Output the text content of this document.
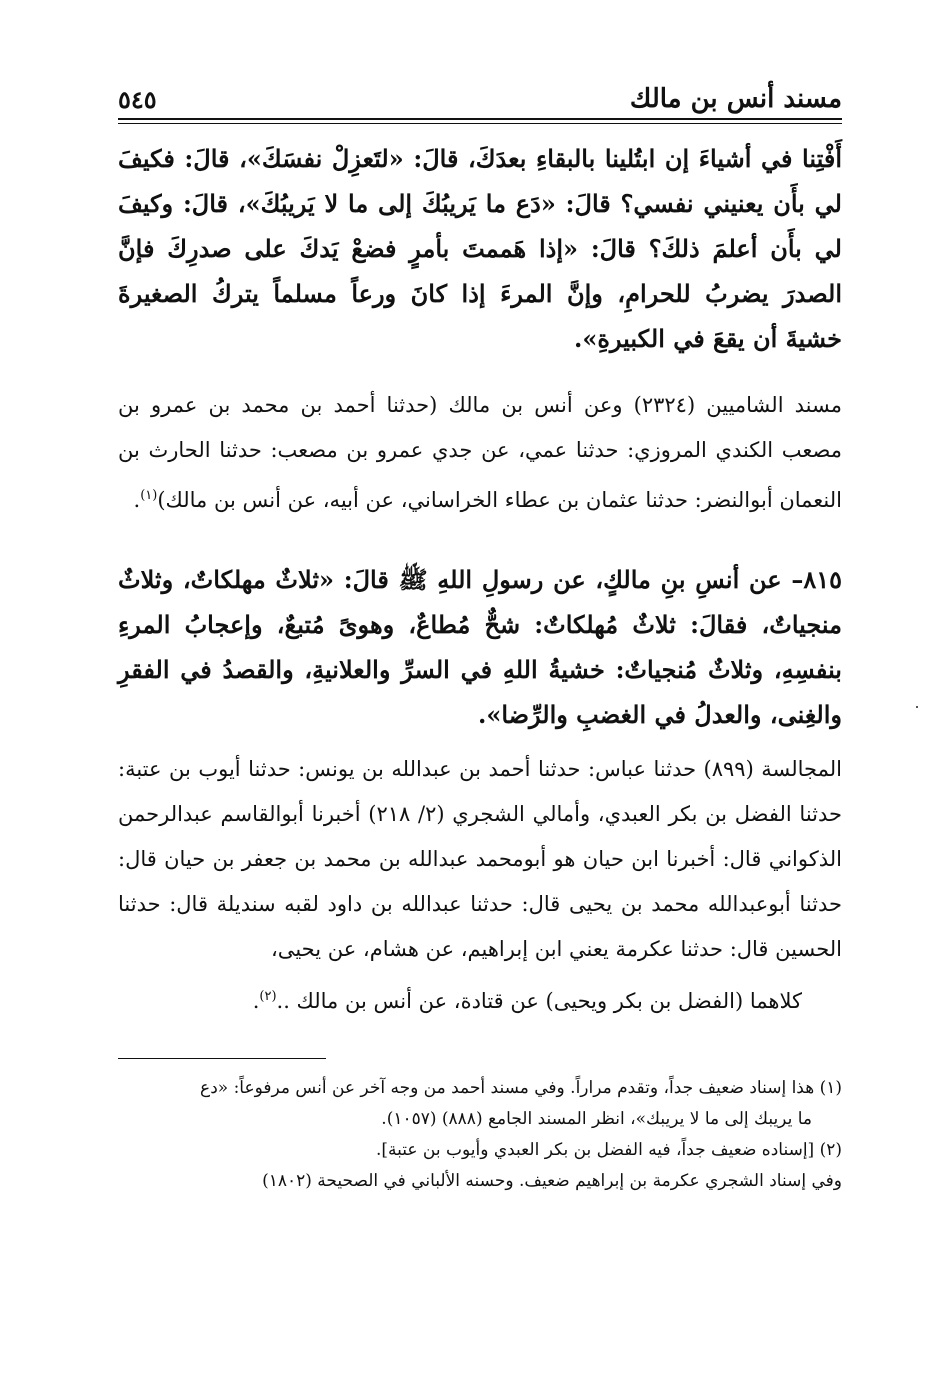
مسند أنس بن مالك
٥٤٥

أَفْتِنا في أشياءَ إن ابتُلينا بالبقاءِ بعدَكَ، قالَ: «لتَعزِلْ نفسَكَ»، قالَ: فكيفَ لي بأَن يعنيني نفسي؟ قالَ: «دَع ما يَريبُكَ إلى ما لا يَريبُكَ»، قالَ: وكيفَ لي بأَن أعلمَ ذلكَ؟ قالَ: «إذا هَممتَ بأمرٍ فضعْ يَدكَ على صدرِكَ فإنَّ الصدرَ يضربُ للحرامِ، وإنَّ المرءَ إذا كانَ ورعاً مسلماً يتركُ الصغيرةَ خشيةَ أن يقعَ في الكبيرةِ».

مسند الشاميين (٢٣٢٤) وعن أنس بن مالك (حدثنا أحمد بن محمد بن عمرو بن مصعب الكندي المروزي: حدثنا عمي، عن جدي عمرو بن مصعب: حدثنا الحارث بن النعمان أبوالنضر: حدثنا عثمان بن عطاء الخراساني، عن أبيه، عن أنس بن مالك)$^{(١)}$.

٨١٥– عن أنسِ بنِ مالكٍ، عن رسولِ اللهِ ﷺ قالَ: «ثلاثٌ مهلكاتٌ، وثلاثٌ منجياتٌ، فقالَ: ثلاثٌ مُهلكاتٌ: شحٌّ مُطاعٌ، وهوىً مُتبعٌ، وإعجابُ المرءِ بنفسِهِ، وثلاثٌ مُنجياتٌ: خشيةُ اللهِ في السرِّ والعلانيةِ، والقصدُ في الفقرِ والغِنى، والعدلُ في الغضبِ والرِّضا».

المجالسة (٨٩٩) حدثنا عباس: حدثنا أحمد بن عبدالله بن يونس: حدثنا أيوب بن عتبة: حدثنا الفضل بن بكر العبدي، وأمالي الشجري (٢/ ٢١٨) أخبرنا أبوالقاسم عبدالرحمن الذكواني قال: أخبرنا ابن حيان هو أبومحمد عبدالله بن محمد بن جعفر بن حيان قال: حدثنا أبوعبدالله محمد بن يحيى قال: حدثنا عبدالله بن داود لقبه سنديلة قال: حدثنا الحسين قال: حدثنا عكرمة يعني ابن إبراهيم، عن هشام، عن يحيى،

كلاهما (الفضل بن بكر ويحيى) عن قتادة، عن أنس بن مالك ..$^{(٢)}$.

(١) هذا إسناد ضعيف جداً، وتقدم مراراً. وفي مسند أحمد من وجه آخر عن أنس مرفوعاً: «دع

ما يريبك إلى ما لا يريبك»، انظر المسند الجامع (٨٨٨) (١٠٥٧).

(٢) [إسناده ضعيف جداً، فيه الفضل بن بكر العبدي وأيوب بن عتبة].

وفي إسناد الشجري عكرمة بن إبراهيم ضعيف. وحسنه الألباني في الصحيحة (١٨٠٢)
